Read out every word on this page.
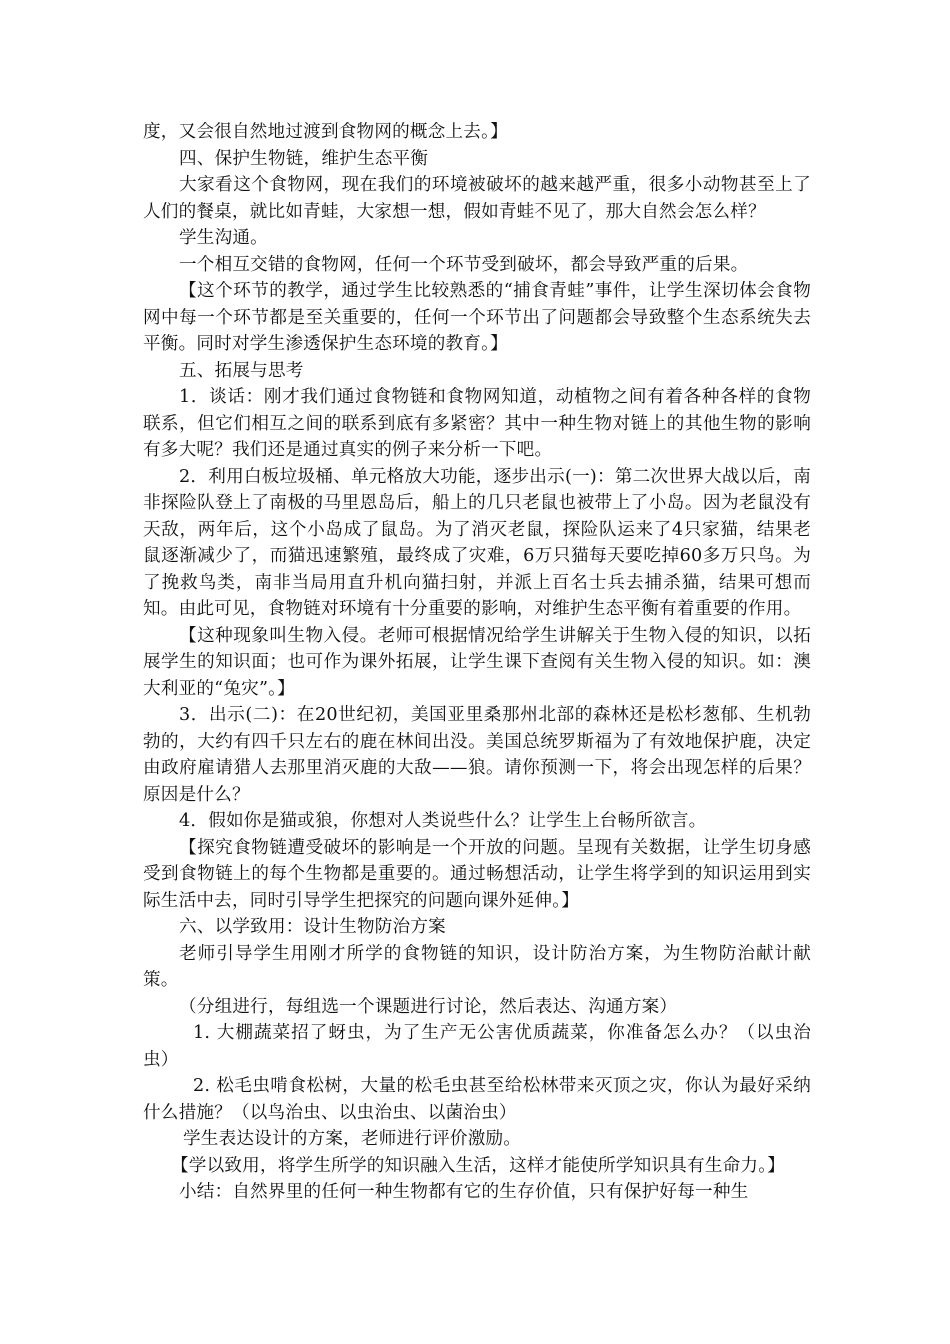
度，又会很自然地过渡到食物网的概念上去。】

四、保护生物链，维护生态平衡

大家看这个食物网，现在我们的环境被破坏的越来越严重，很多小动物甚至上了人们的餐桌，就比如青蛙，大家想一想，假如青蛙不见了，那大自然会怎么样？

学生沟通。

一个相互交错的食物网，任何一个环节受到破坏，都会导致严重的后果。

【这个环节的教学，通过学生比较熟悉的“捕食青蛙”事件，让学生深切体会食物网中每一个环节都是至关重要的，任何一个环节出了问题都会导致整个生态系统失去平衡。同时对学生渗透保护生态环境的教育。】

五、拓展与思考

1．谈话：刚才我们通过食物链和食物网知道，动植物之间有着各种各样的食物联系，但它们相互之间的联系到底有多紧密？其中一种生物对链上的其他生物的影响有多大呢？我们还是通过真实的例子来分析一下吧。

2．利用白板垃圾桶、单元格放大功能，逐步出示(一)：第二次世界大战以后，南非探险队登上了南极的马里恩岛后，船上的几只老鼠也被带上了小岛。因为老鼠没有天敌，两年后，这个小岛成了鼠岛。为了消灭老鼠，探险队运来了4只家猫，结果老鼠逐渐减少了，而猫迅速繁殖，最终成了灾难，6万只猫每天要吃掉60多万只鸟。为了挽救鸟类，南非当局用直升机向猫扫射，并派上百名士兵去捕杀猫，结果可想而知。由此可见，食物链对环境有十分重要的影响，对维护生态平衡有着重要的作用。

【这种现象叫生物入侵。老师可根据情况给学生讲解关于生物入侵的知识，以拓展学生的知识面；也可作为课外拓展，让学生课下查阅有关生物入侵的知识。如：澳大利亚的“兔灾”。】

3．出示(二)：在20世纪初，美国亚里桑那州北部的森林还是松杉葱郁、生机勃勃的，大约有四千只左右的鹿在林间出没。美国总统罗斯福为了有效地保护鹿，决定由政府雇请猎人去那里消灭鹿的大敌——狼。请你预测一下，将会出现怎样的后果？原因是什么？

4．假如你是猫或狼，你想对人类说些什么？让学生上台畅所欲言。

【探究食物链遭受破坏的影响是一个开放的问题。呈现有关数据，让学生切身感受到食物链上的每个生物都是重要的。通过畅想活动，让学生将学到的知识运用到实际生活中去，同时引导学生把探究的问题向课外延伸。】

六、以学致用：设计生物防治方案

老师引导学生用刚才所学的食物链的知识，设计防治方案，为生物防治献计献策。

（分组进行，每组选一个课题进行讨论，然后表达、沟通方案）

1. 大棚蔬菜招了蚜虫，为了生产无公害优质蔬菜，你准备怎么办？（以虫治虫）

2. 松毛虫啃食松树，大量的松毛虫甚至给松林带来灭顶之灾，你认为最好采纳什么措施？（以鸟治虫、以虫治虫、以菌治虫）

学生表达设计的方案，老师进行评价激励。

【学以致用，将学生所学的知识融入生活，这样才能使所学知识具有生命力。】

小结：自然界里的任何一种生物都有它的生存价值，只有保护好每一种生
